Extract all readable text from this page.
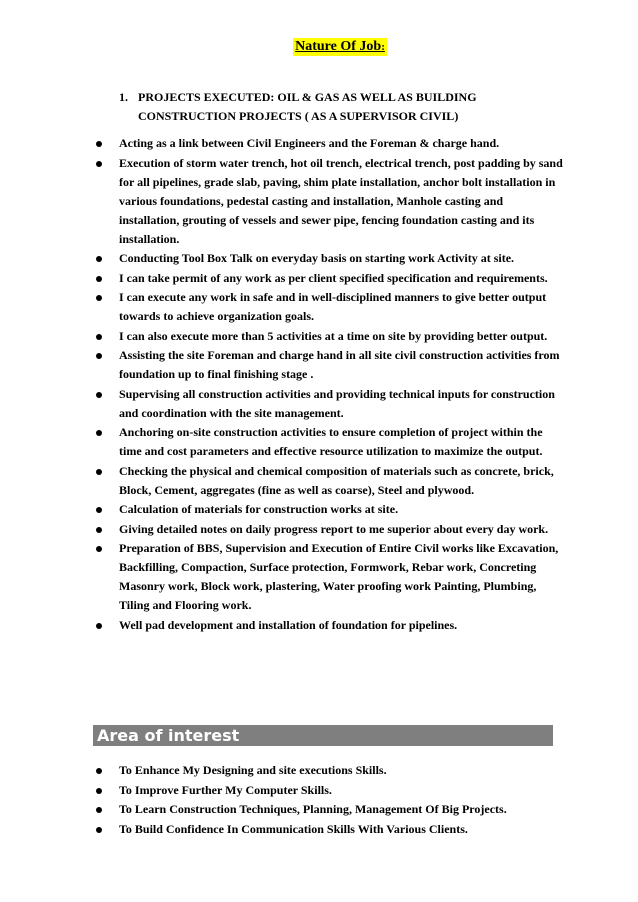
Nature Of Job:
1. PROJECTS EXECUTED: OIL & GAS AS WELL AS BUILDING
CONSTRUCTION PROJECTS ( AS A SUPERVISOR CIVIL)
Acting as a link between Civil Engineers and the Foreman & charge hand.
Execution of storm water trench, hot oil trench, electrical trench, post padding by sand for all pipelines, grade slab, paving, shim plate installation, anchor bolt installation in various foundations, pedestal casting and installation, Manhole casting and installation, grouting of vessels and sewer pipe, fencing foundation casting and its installation.
Conducting Tool Box Talk on everyday basis on starting work Activity at site.
I can take permit of any work as per client specified specification and requirements.
I can execute any work in safe and in well-disciplined manners to give better output towards to achieve organization goals.
I can also execute more than 5 activities at a time on site by providing better output.
Assisting the site Foreman and charge hand in all site civil construction activities from foundation up to final finishing stage .
Supervising all construction activities and providing technical inputs for construction and coordination with the site management.
Anchoring on-site construction activities to ensure completion of project within the time and cost parameters and effective resource utilization to maximize the output.
Checking the physical and chemical composition of materials such as concrete, brick, Block, Cement, aggregates (fine as well as coarse), Steel and plywood.
Calculation of materials for construction works at site.
Giving detailed notes on daily progress report to me superior about every day work.
Preparation of BBS, Supervision and Execution of Entire Civil works like Excavation, Backfilling, Compaction, Surface protection, Formwork, Rebar work, Concreting Masonry work, Block work, plastering, Water proofing work Painting, Plumbing, Tiling and Flooring work.
Well pad development and installation of foundation for pipelines.
Area of interest
To Enhance My Designing and site executions Skills.
To Improve Further My Computer Skills.
To Learn Construction Techniques, Planning, Management Of Big Projects.
To Build Confidence In Communication Skills With Various Clients.
